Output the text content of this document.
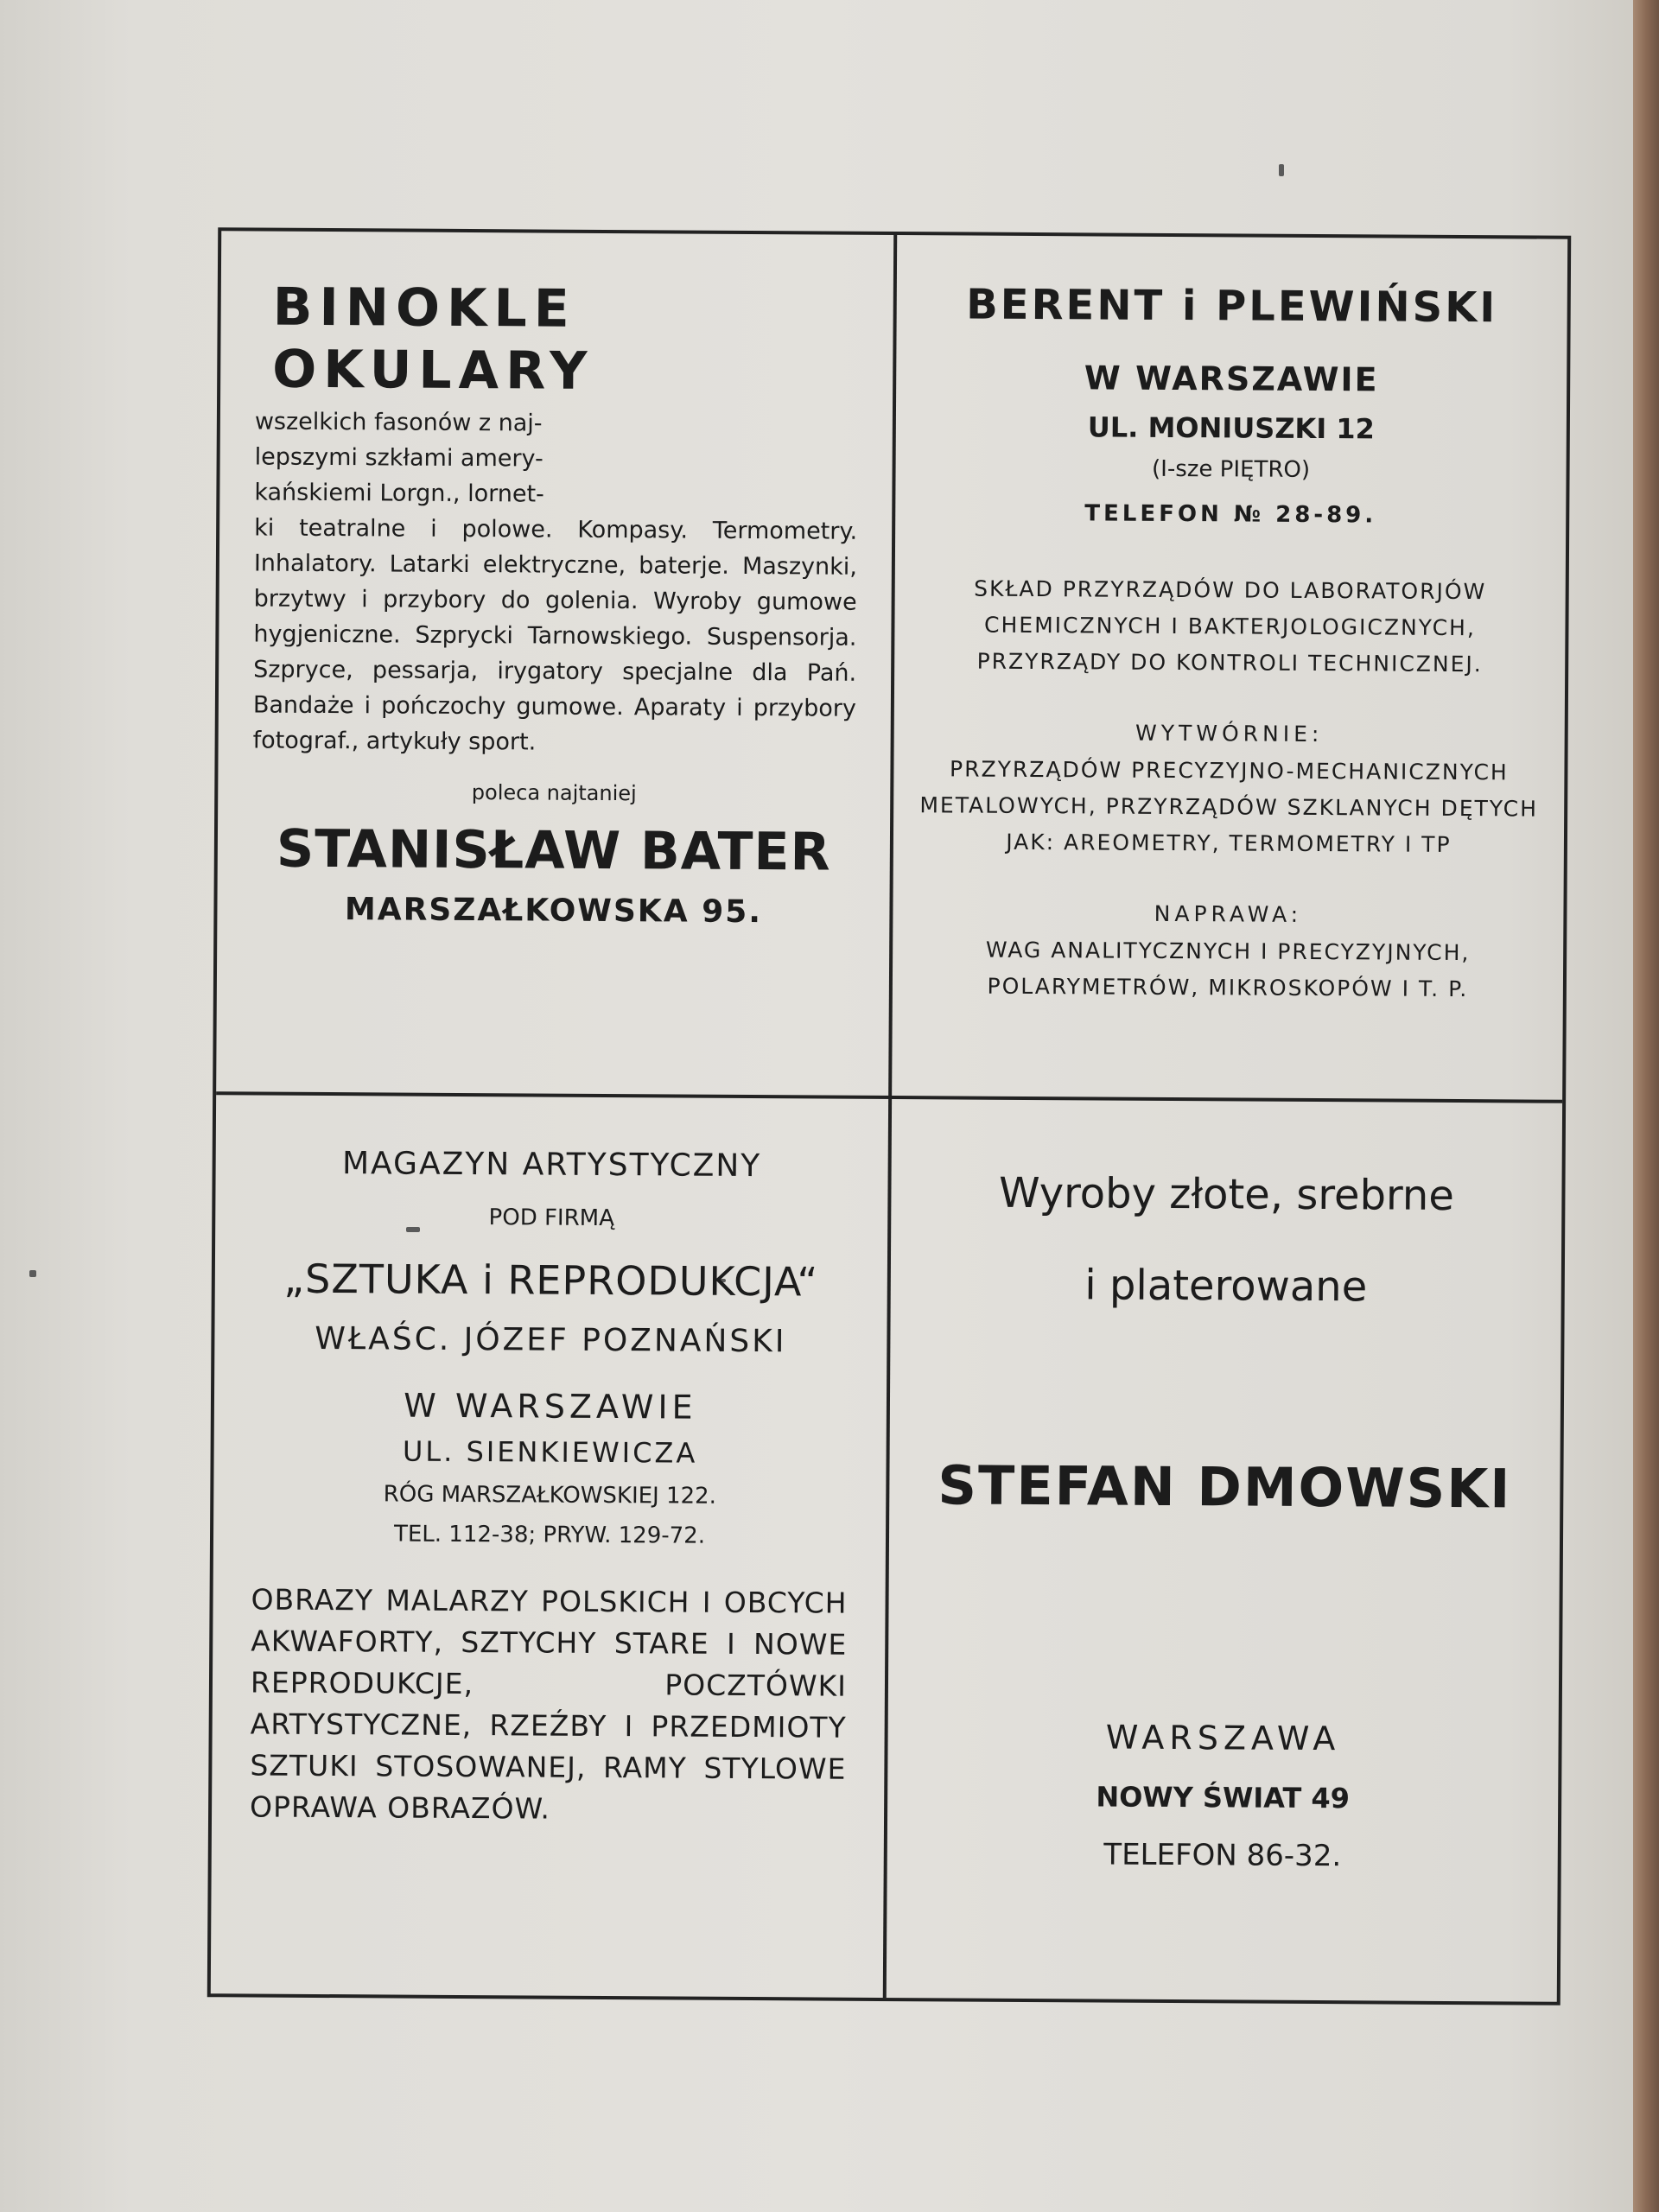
BINOKLE
OKULARY
wszelkich fasonów z naj-
lepszymi szkłami amery-
kańskiemi Lorgn., lornet-
ki teatralne i polowe. Kompasy. Termometry. Inhalatory. Latarki elektryczne, baterje. Maszynki, brzytwy i przybory do golenia. Wyroby gumowe hygjeniczne. Szprycki Tarnowskiego. Suspensorja. Szpryce, pessarja, irygatory specjalne dla Pań. Bandaże i pończochy gumowe. Aparaty i przybory fotograf., artykuły sport.
poleca najtaniej
STANISŁAW BATER
MARSZAŁKOWSKA 95.
BERENT i PLEWIŃSKI
W WARSZAWIE
UL. MONIUSZKI 12
(I-sze PIĘTRO)
TELEFON № 28-89.
SKŁAD PRZYRZĄDÓW DO LABORATORJÓW CHEMICZNYCH I BAKTERJOLOGICZNYCH, PRZYRZĄDY DO KONTROLI TECHNICZNEJ.
WYTWÓRNIE:
PRZYRZĄDÓW PRECYZYJNO-MECHANICZNYCH METALOWYCH, PRZYRZĄDÓW SZKLANYCH DĘTYCH JAK: AREOMETRY, TERMOMETRY I TP
NAPRAWA:
WAG ANALITYCZNYCH I PRECYZYJNYCH, POLARYMETRÓW, MIKROSKOPÓW I T. P.
MAGAZYN ARTYSTYCZNY
POD FIRMĄ
„SZTUKA i REPRODUKCJA“
WŁAŚC. JÓZEF POZNAŃSKI
W WARSZAWIE
UL. SIENKIEWICZA
RÓG MARSZAŁKOWSKIEJ 122.
TEL. 112-38; PRYW. 129-72.
OBRAZY MALARZY POLSKICH I OBCYCH AKWAFORTY, SZTYCHY STARE I NOWE REPRODUKCJE, POCZTÓWKI ARTYSTYCZNE, RZEŹBY I PRZEDMIOTY SZTUKI STOSOWANEJ, RAMY STYLOWE OPRAWA OBRAZÓW.
Wyroby złote, srebrne
i platerowane
STEFAN DMOWSKI
WARSZAWA
NOWY ŚWIAT 49
TELEFON 86-32.
